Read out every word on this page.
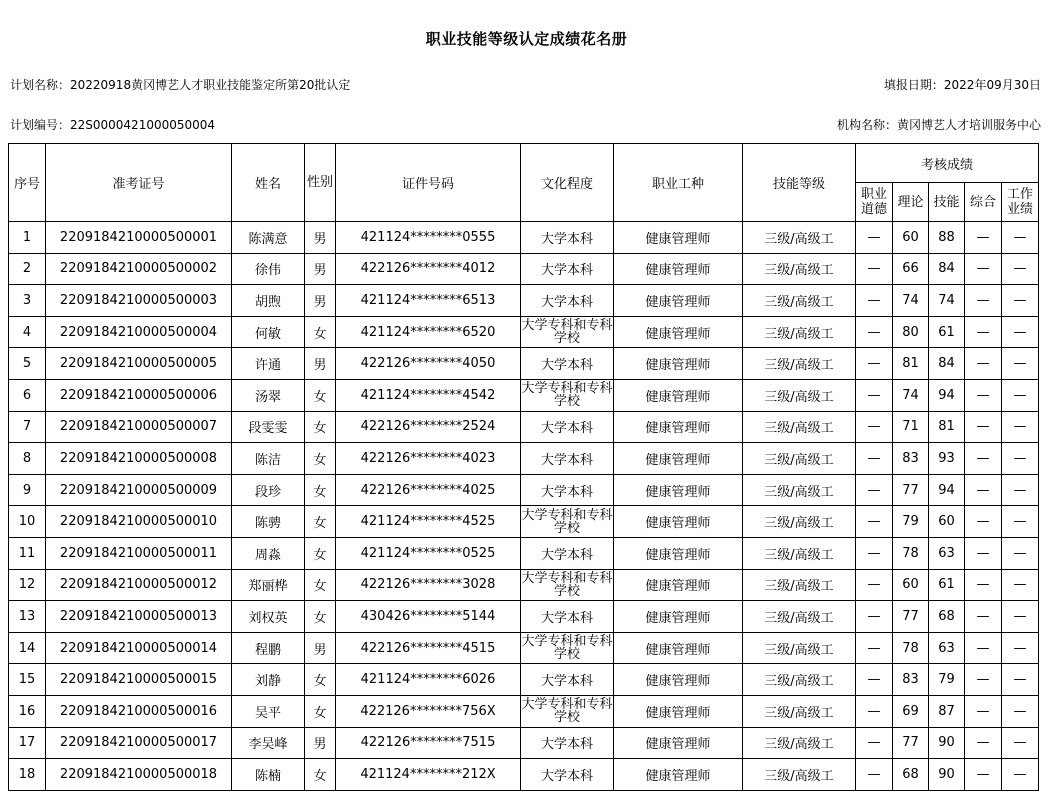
职业技能等级认定成绩花名册
计划名称：20220918黄冈博艺人才职业技能鉴定所第20批认定	填报日期：2022年09月30日
计划编号：22S0000421000050004	机构名称：黄冈博艺人才培训服务中心
序号	准考证号	姓名	性别	证件号码	文化程度	职业工种	技能等级	考核成绩				
								职业道德	理论	技能	综合	工作业绩
1	2209184210000500001	陈满意	男	421124********0555	大学本科	健康管理师	三级/高级工	—	60	88	—	—
2	2209184210000500002	徐伟	男	422126********4012	大学本科	健康管理师	三级/高级工	—	66	84	—	—
3	2209184210000500003	胡煦	男	421124********6513	大学本科	健康管理师	三级/高级工	—	74	74	—	—
4	2209184210000500004	何敏	女	421124********6520	大学专科和专科学校	健康管理师	三级/高级工	—	80	61	—	—
5	2209184210000500005	许通	男	422126********4050	大学本科	健康管理师	三级/高级工	—	81	84	—	—
6	2209184210000500006	汤翠	女	421124********4542	大学专科和专科学校	健康管理师	三级/高级工	—	74	94	—	—
7	2209184210000500007	段雯雯	女	422126********2524	大学本科	健康管理师	三级/高级工	—	71	81	—	—
8	2209184210000500008	陈洁	女	422126********4023	大学本科	健康管理师	三级/高级工	—	83	93	—	—
9	2209184210000500009	段珍	女	422126********4025	大学本科	健康管理师	三级/高级工	—	77	94	—	—
10	2209184210000500010	陈骋	女	421124********4525	大学专科和专科学校	健康管理师	三级/高级工	—	79	60	—	—
11	2209184210000500011	周淼	女	421124********0525	大学本科	健康管理师	三级/高级工	—	78	63	—	—
12	2209184210000500012	郑丽桦	女	422126********3028	大学专科和专科学校	健康管理师	三级/高级工	—	60	61	—	—
13	2209184210000500013	刘权英	女	430426********5144	大学本科	健康管理师	三级/高级工	—	77	68	—	—
14	2209184210000500014	程鹏	男	422126********4515	大学专科和专科学校	健康管理师	三级/高级工	—	78	63	—	—
15	2209184210000500015	刘静	女	421124********6026	大学本科	健康管理师	三级/高级工	—	83	79	—	—
16	2209184210000500016	吴平	女	422126********756X	大学专科和专科学校	健康管理师	三级/高级工	—	69	87	—	—
17	2209184210000500017	李吴峰	男	422126********7515	大学本科	健康管理师	三级/高级工	—	77	90	—	—
18	2209184210000500018	陈楠	女	421124********212X	大学本科	健康管理师	三级/高级工	—	68	90	—	—
